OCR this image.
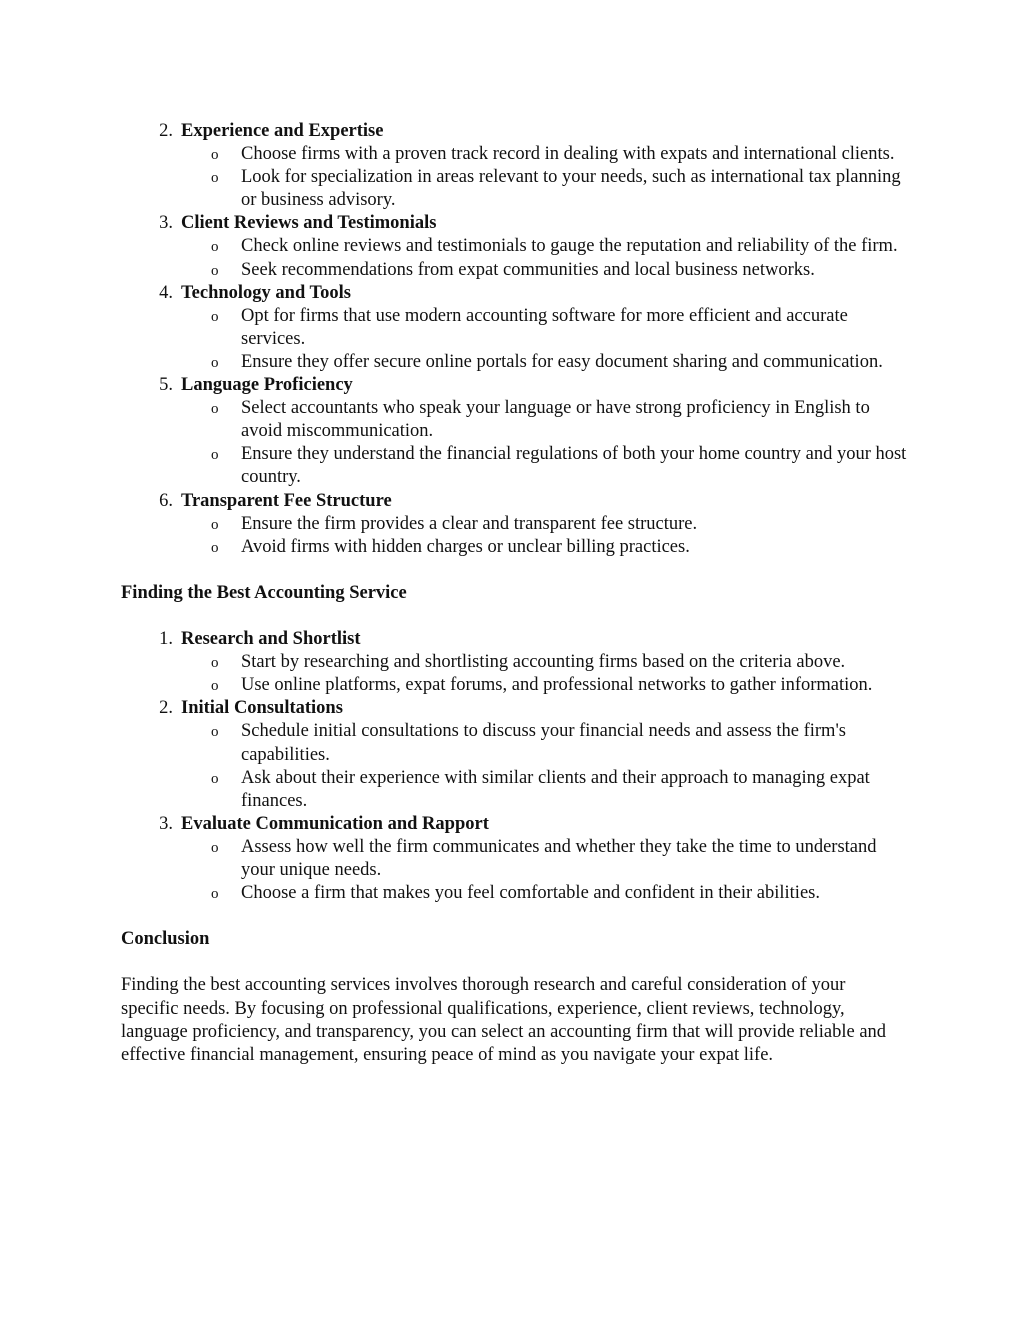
2. Experience and Expertise
o Choose firms with a proven track record in dealing with expats and international clients.
o Look for specialization in areas relevant to your needs, such as international tax planning or business advisory.
3. Client Reviews and Testimonials
o Check online reviews and testimonials to gauge the reputation and reliability of the firm.
o Seek recommendations from expat communities and local business networks.
4. Technology and Tools
o Opt for firms that use modern accounting software for more efficient and accurate services.
o Ensure they offer secure online portals for easy document sharing and communication.
5. Language Proficiency
o Select accountants who speak your language or have strong proficiency in English to avoid miscommunication.
o Ensure they understand the financial regulations of both your home country and your host country.
6. Transparent Fee Structure
o Ensure the firm provides a clear and transparent fee structure.
o Avoid firms with hidden charges or unclear billing practices.

Finding the Best Accounting Service

1. Research and Shortlist
o Start by researching and shortlisting accounting firms based on the criteria above.
o Use online platforms, expat forums, and professional networks to gather information.
2. Initial Consultations
o Schedule initial consultations to discuss your financial needs and assess the firm's capabilities.
o Ask about their experience with similar clients and their approach to managing expat finances.
3. Evaluate Communication and Rapport
o Assess how well the firm communicates and whether they take the time to understand your unique needs.
o Choose a firm that makes you feel comfortable and confident in their abilities.

Conclusion

Finding the best accounting services involves thorough research and careful consideration of your specific needs. By focusing on professional qualifications, experience, client reviews, technology, language proficiency, and transparency, you can select an accounting firm that will provide reliable and effective financial management, ensuring peace of mind as you navigate your expat life.
